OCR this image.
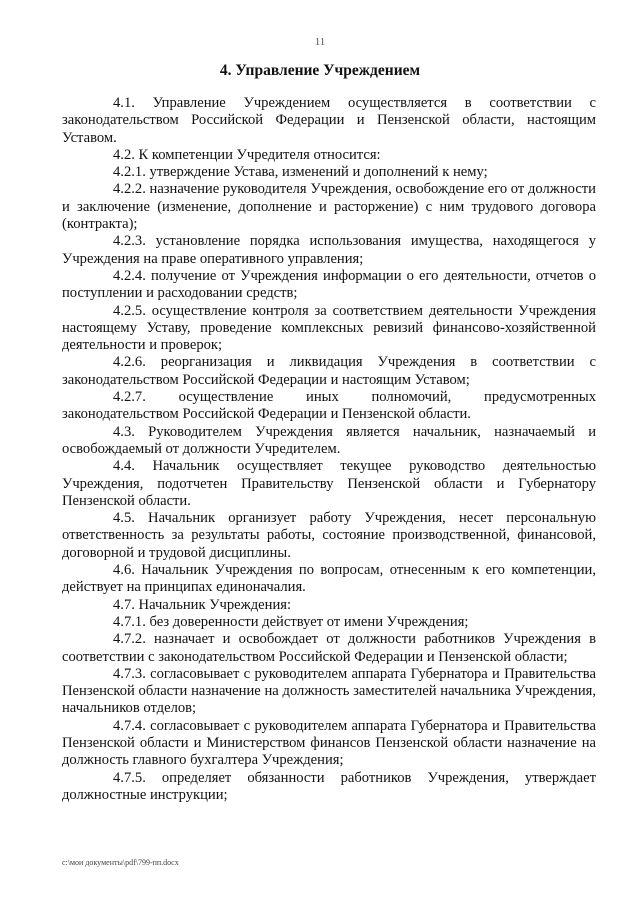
11
4. Управление Учреждением

4.1. Управление Учреждением осуществляется в соответствии с законодательством Российской Федерации и Пензенской области, настоящим Уставом.

4.2. К компетенции Учредителя относится:

4.2.1. утверждение Устава, изменений и дополнений к нему;

4.2.2. назначение руководителя Учреждения, освобождение его от должности и заключение (изменение, дополнение и расторжение) с ним трудового договора (контракта);

4.2.3. установление порядка использования имущества, находящегося у Учреждения на праве оперативного управления;

4.2.4. получение от Учреждения информации о его деятельности, отчетов о поступлении и расходовании средств;

4.2.5. осуществление контроля за соответствием деятельности Учреждения настоящему Уставу, проведение комплексных ревизий финансово-хозяйственной деятельности и проверок;

4.2.6. реорганизация и ликвидация Учреждения в соответствии с законодательством Российской Федерации и настоящим Уставом;

4.2.7. осуществление иных полномочий, предусмотренных законодательством Российской Федерации и Пензенской области.

4.3. Руководителем Учреждения является начальник, назначаемый и освобождаемый от должности Учредителем.

4.4. Начальник осуществляет текущее руководство деятельностью Учреждения, подотчетен Правительству Пензенской области и Губернатору Пензенской области.

4.5. Начальник организует работу Учреждения, несет персональную ответственность за результаты работы, состояние производственной, финансовой, договорной и трудовой дисциплины.

4.6. Начальник Учреждения по вопросам, отнесенным к его компетенции, действует на принципах единоначалия.

4.7. Начальник Учреждения:

4.7.1. без доверенности действует от имени Учреждения;

4.7.2. назначает и освобождает от должности работников Учреждения в соответствии с законодательством Российской Федерации и Пензенской области;

4.7.3. согласовывает с руководителем аппарата Губернатора и Правительства Пензенской области назначение на должность заместителей начальника Учреждения, начальников отделов;

4.7.4. согласовывает с руководителем аппарата Губернатора и Правительства Пензенской области и Министерством финансов Пензенской области назначение на должность главного бухгалтера Учреждения;

4.7.5. определяет обязанности работников Учреждения, утверждает должностные инструкции;

c:\мои документы\pdf\799-пп.docx
